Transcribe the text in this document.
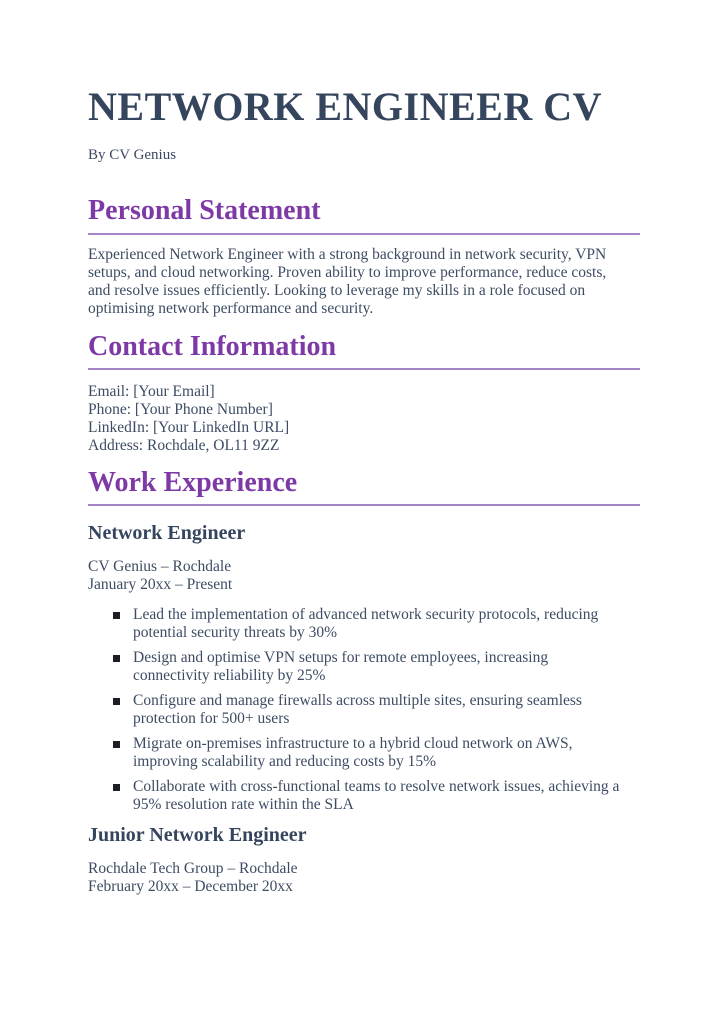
NETWORK ENGINEER CV
By CV Genius
Personal Statement
Experienced Network Engineer with a strong background in network security, VPN
setups, and cloud networking. Proven ability to improve performance, reduce costs,
and resolve issues efficiently. Looking to leverage my skills in a role focused on
optimising network performance and security.
Contact Information
Email: [Your Email]
Phone: [Your Phone Number]
LinkedIn: [Your LinkedIn URL]
Address: Rochdale, OL11 9ZZ
Work Experience
Network Engineer
CV Genius – Rochdale
January 20xx – Present
Lead the implementation of advanced network security protocols, reducing
potential security threats by 30%
Design and optimise VPN setups for remote employees, increasing
connectivity reliability by 25%
Configure and manage firewalls across multiple sites, ensuring seamless
protection for 500+ users
Migrate on-premises infrastructure to a hybrid cloud network on AWS,
improving scalability and reducing costs by 15%
Collaborate with cross-functional teams to resolve network issues, achieving a
95% resolution rate within the SLA
Junior Network Engineer
Rochdale Tech Group – Rochdale
February 20xx – December 20xx
